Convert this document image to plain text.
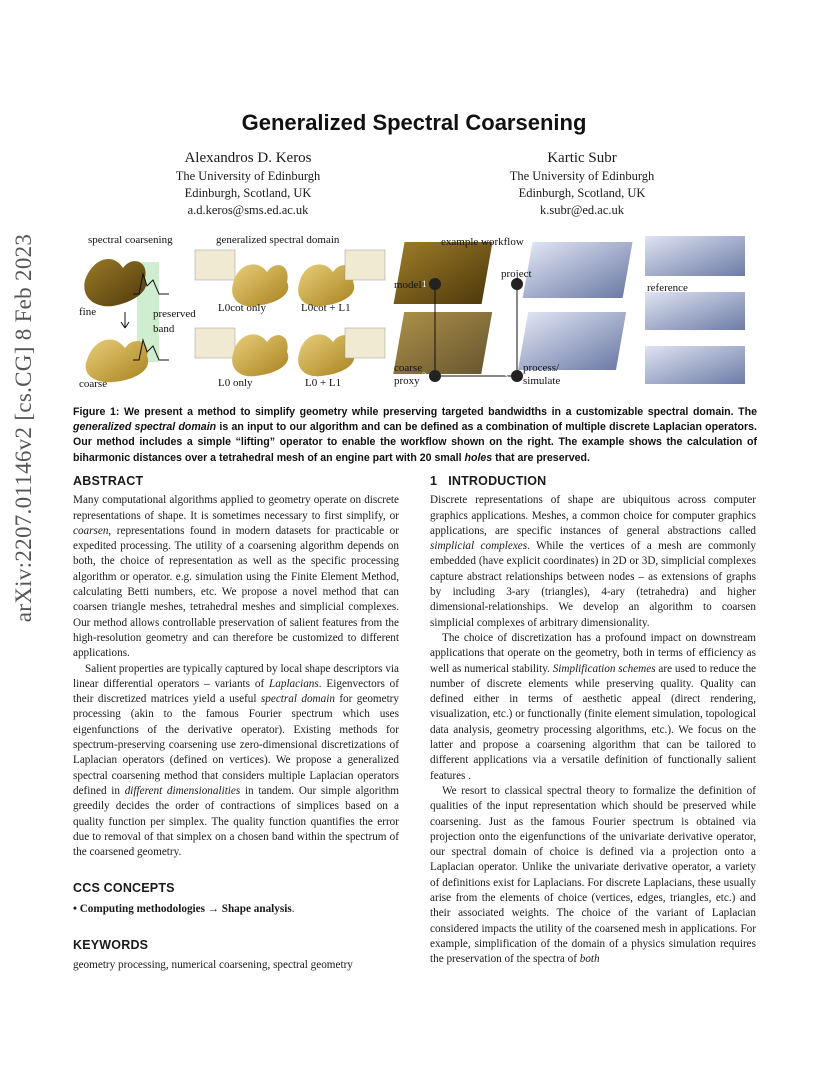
arXiv:2207.01146v2 [cs.CG] 8 Feb 2023
Generalized Spectral Coarsening
Alexandros D. Keros
The University of Edinburgh
Edinburgh, Scotland, UK
a.d.keros@sms.ed.ac.uk
Kartic Subr
The University of Edinburgh
Edinburgh, Scotland, UK
k.subr@ed.ac.uk
spectral coarsening	generalized spectral domain
fine	preserved
band
coarse
L0cot only	L0cot + L1
L0 only	L0 + L1
example workflow
model
project
reference
coarse
proxy
process/
simulate
4
1
2	3
Figure 1: We present a method to simplify geometry while preserving targeted bandwidths in a customizable spectral domain. The generalized spectral domain is an input to our algorithm and can be defined as a combination of multiple discrete Laplacian operators. Our method includes a simple “lifting” operator to enable the workflow shown on the right. The example shows the calculation of biharmonic distances over a tetrahedral mesh of an engine part with 20 small holes that are preserved.
ABSTRACT

Many computational algorithms applied to geometry operate on discrete representations of shape. It is sometimes necessary to first simplify, or coarsen, representations found in modern datasets for practicable or expedited processing. The utility of a coarsening algorithm depends on both, the choice of representation as well as the specific processing algorithm or operator. e.g. simulation using the Finite Element Method, calculating Betti numbers, etc. We propose a novel method that can coarsen triangle meshes, tetrahedral meshes and simplicial complexes. Our method allows controllable preservation of salient features from the high-resolution geometry and can therefore be customized to different applications.

Salient properties are typically captured by local shape descriptors via linear differential operators – variants of Laplacians. Eigenvectors of their discretized matrices yield a useful spectral domain for geometry processing (akin to the famous Fourier spectrum which uses eigenfunctions of the derivative operator). Existing methods for spectrum-preserving coarsening use zero-dimensional discretizations of Laplacian operators (defined on vertices). We propose a generalized spectral coarsening method that considers multiple Laplacian operators defined in different dimensionalities in tandem. Our simple algorithm greedily decides the order of contractions of simplices based on a quality function per simplex. The quality function quantifies the error due to removal of that simplex on a chosen band within the spectrum of the coarsened geometry.

CCS CONCEPTS

• Computing methodologies → Shape analysis.

KEYWORDS

geometry processing, numerical coarsening, spectral geometry

1 INTRODUCTION

Discrete representations of shape are ubiquitous across computer graphics applications. Meshes, a common choice for computer graphics applications, are specific instances of general abstractions called simplicial complexes. While the vertices of a mesh are commonly embedded (have explicit coordinates) in 2D or 3D, simplicial complexes capture abstract relationships between nodes – as extensions of graphs by including 3-ary (triangles), 4-ary (tetrahedra) and higher dimensional-relationships. We develop an algorithm to coarsen simplicial complexes of arbitrary dimensionality.

The choice of discretization has a profound impact on downstream applications that operate on the geometry, both in terms of efficiency as well as numerical stability. Simplification schemes are used to reduce the number of discrete elements while preserving quality. Quality can defined either in terms of aesthetic appeal (direct rendering, visualization, etc.) or functionally (finite element simulation, topological data analysis, geometry processing algorithms, etc.). We focus on the latter and propose a coarsening algorithm that can be tailored to different applications via a versatile definition of functionally salient features .

We resort to classical spectral theory to formalize the definition of qualities of the input representation which should be preserved while coarsening. Just as the famous Fourier spectrum is obtained via projection onto the eigenfunctions of the univariate derivative operator, our spectral domain of choice is defined via a projection onto a Laplacian operator. Unlike the univariate derivative operator, a variety of definitions exist for Laplacians. For discrete Laplacians, these usually arise from the elements of choice (vertices, edges, triangles, etc.) and their associated weights. The choice of the variant of Laplacian considered impacts the utility of the coarsened mesh in applications. For example, simplification of the domain of a physics simulation requires the preservation of the spectra of both
